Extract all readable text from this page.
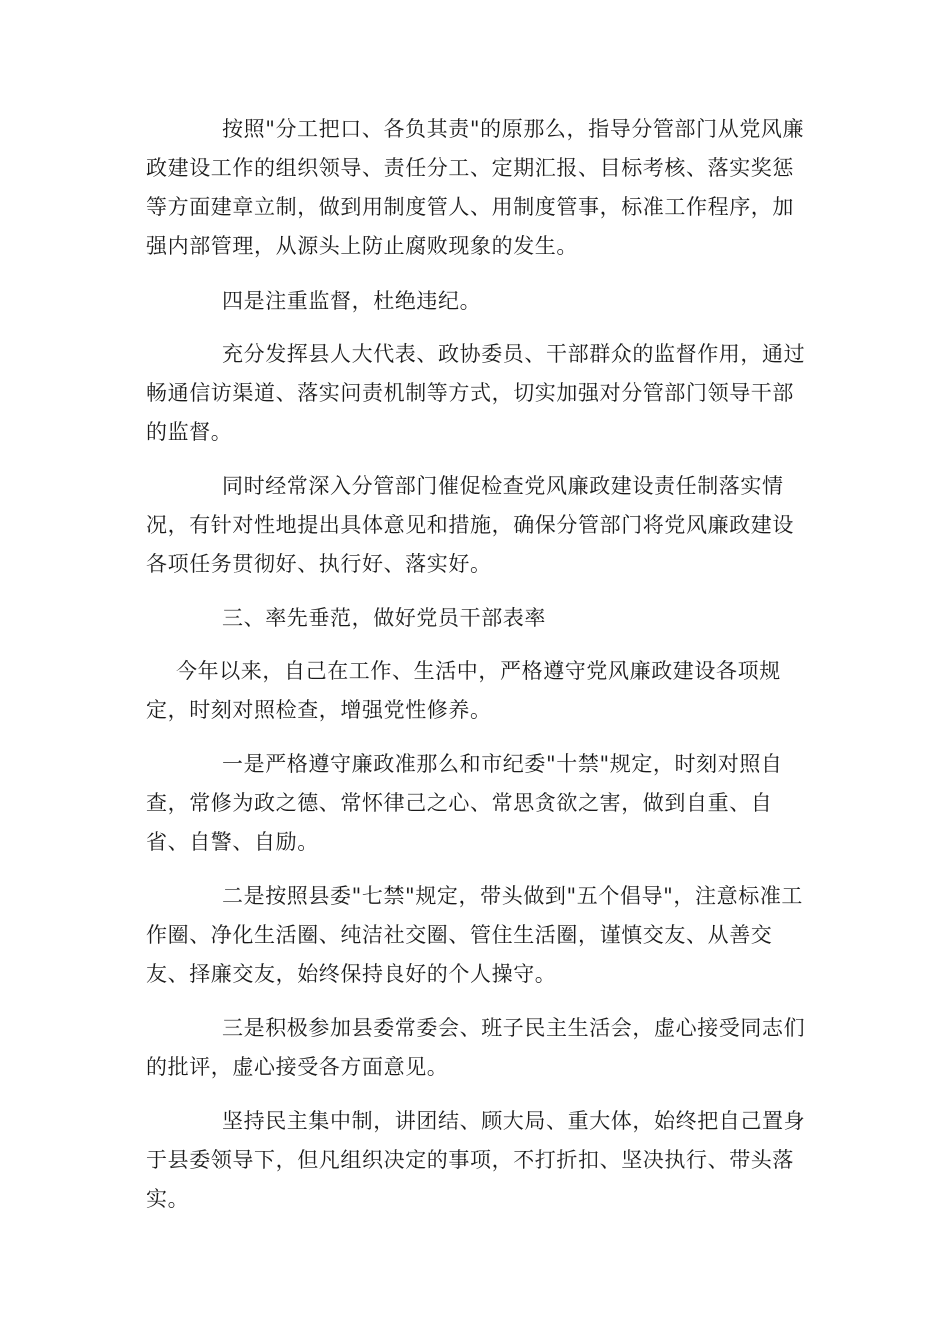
按照"分工把口、各负其责"的原那么，指导分管部门从党风廉政建设工作的组织领导、责任分工、定期汇报、目标考核、落实奖惩等方面建章立制，做到用制度管人、用制度管事，标准工作程序，加强内部管理，从源头上防止腐败现象的发生。

四是注重监督，杜绝违纪。

充分发挥县人大代表、政协委员、干部群众的监督作用，通过畅通信访渠道、落实问责机制等方式，切实加强对分管部门领导干部的监督。

同时经常深入分管部门催促检查党风廉政建设责任制落实情况，有针对性地提出具体意见和措施，确保分管部门将党风廉政建设各项任务贯彻好、执行好、落实好。

三、率先垂范，做好党员干部表率

今年以来，自己在工作、生活中，严格遵守党风廉政建设各项规定，时刻对照检查，增强党性修养。

一是严格遵守廉政准那么和市纪委"十禁"规定，时刻对照自查，常修为政之德、常怀律己之心、常思贪欲之害，做到自重、自省、自警、自励。

二是按照县委"七禁"规定，带头做到"五个倡导"，注意标准工作圈、净化生活圈、纯洁社交圈、管住生活圈，谨慎交友、从善交友、择廉交友，始终保持良好的个人操守。

三是积极参加县委常委会、班子民主生活会，虚心接受同志们的批评，虚心接受各方面意见。

坚持民主集中制，讲团结、顾大局、重大体，始终把自己置身于县委领导下，但凡组织决定的事项，不打折扣、坚决执行、带头落实。
